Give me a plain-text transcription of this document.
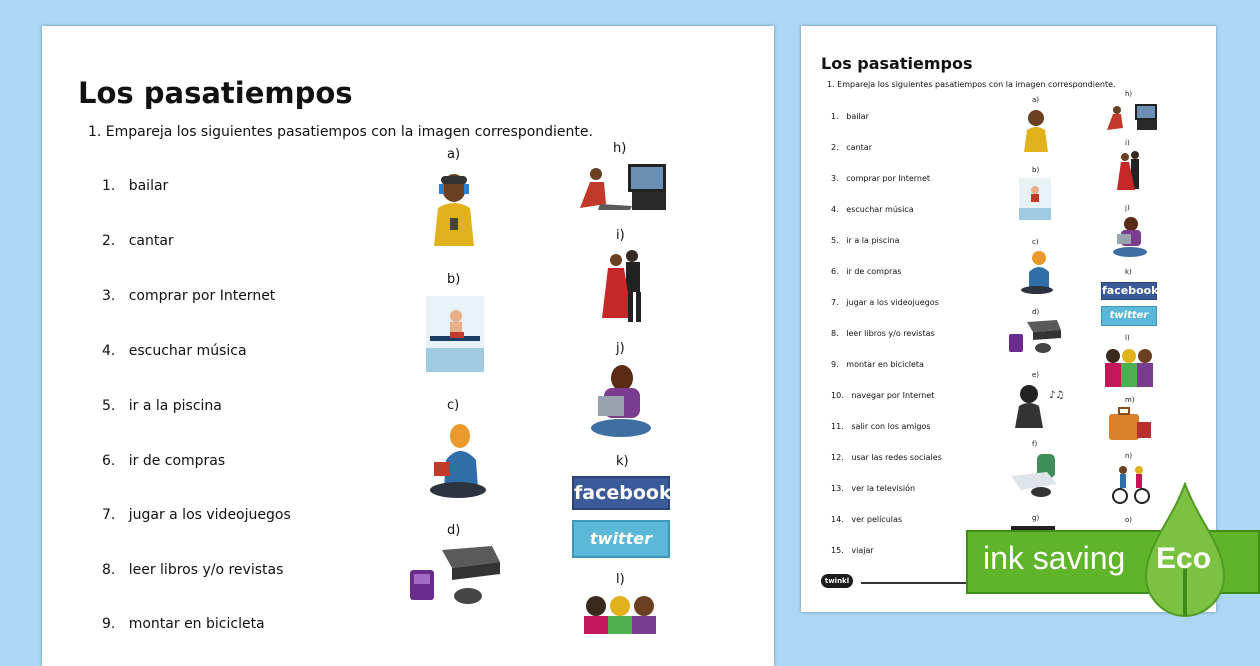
Los pasatiempos
1. Empareja los siguientes pasatiempos con la imagen correspondiente.
1. bailar
2. cantar
3. comprar por Internet
4. escuchar música
5. ir a la piscina
6. ir de compras
7. jugar a los videojuegos
8. leer libros y/o revistas
9. montar en bicicleta
a)
b)
c)
d)
h)
i)
j)
k)
facebook
twitter
l)
Los pasatiempos
1. Empareja los siguientes pasatiempos con la imagen correspondiente.
1. bailar
2. cantar
3. comprar por Internet
4. escuchar música
5. ir a la piscina
6. ir de compras
7. jugar a los videojuegos
8. leer libros y/o revistas
9. montar en bicicleta
10. navegar por Internet
11. salir con los amigos
12. usar las redes sociales
13. ver la televisión
14. ver películas
15. viajar
a)
b)
c)
d)
e)
f)
g)
♪♫
h)
i)
j)
k)
l)
m)
n)
o)
facebook
twitter
twinkl
ink saving Eco
